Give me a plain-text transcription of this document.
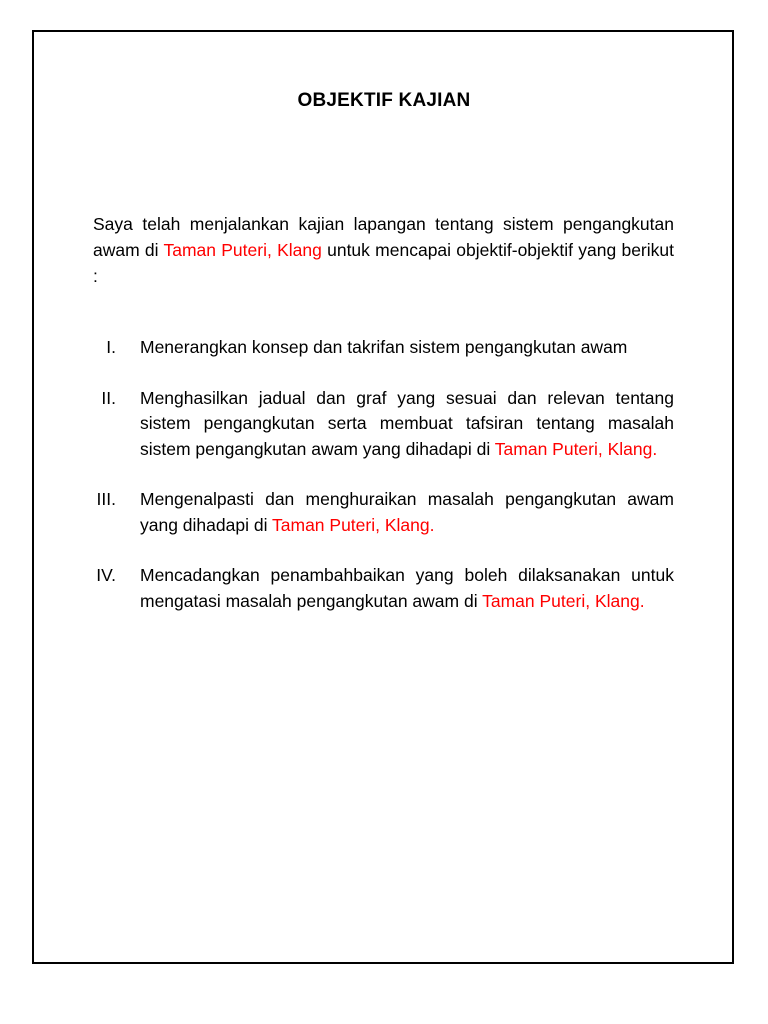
OBJEKTIF KAJIAN

Saya telah menjalankan kajian lapangan tentang sistem pengangkutan awam di Taman Puteri, Klang untuk mencapai objektif-objektif yang berikut :

I. Menerangkan konsep dan takrifan sistem pengangkutan awam
II. Menghasilkan jadual dan graf yang sesuai dan relevan tentang sistem pengangkutan serta membuat tafsiran tentang masalah sistem pengangkutan awam yang dihadapi di Taman Puteri, Klang.
III. Mengenalpasti dan menghuraikan masalah pengangkutan awam yang dihadapi di Taman Puteri, Klang.
IV. Mencadangkan penambahbaikan yang boleh dilaksanakan untuk mengatasi masalah pengangkutan awam di Taman Puteri, Klang.
